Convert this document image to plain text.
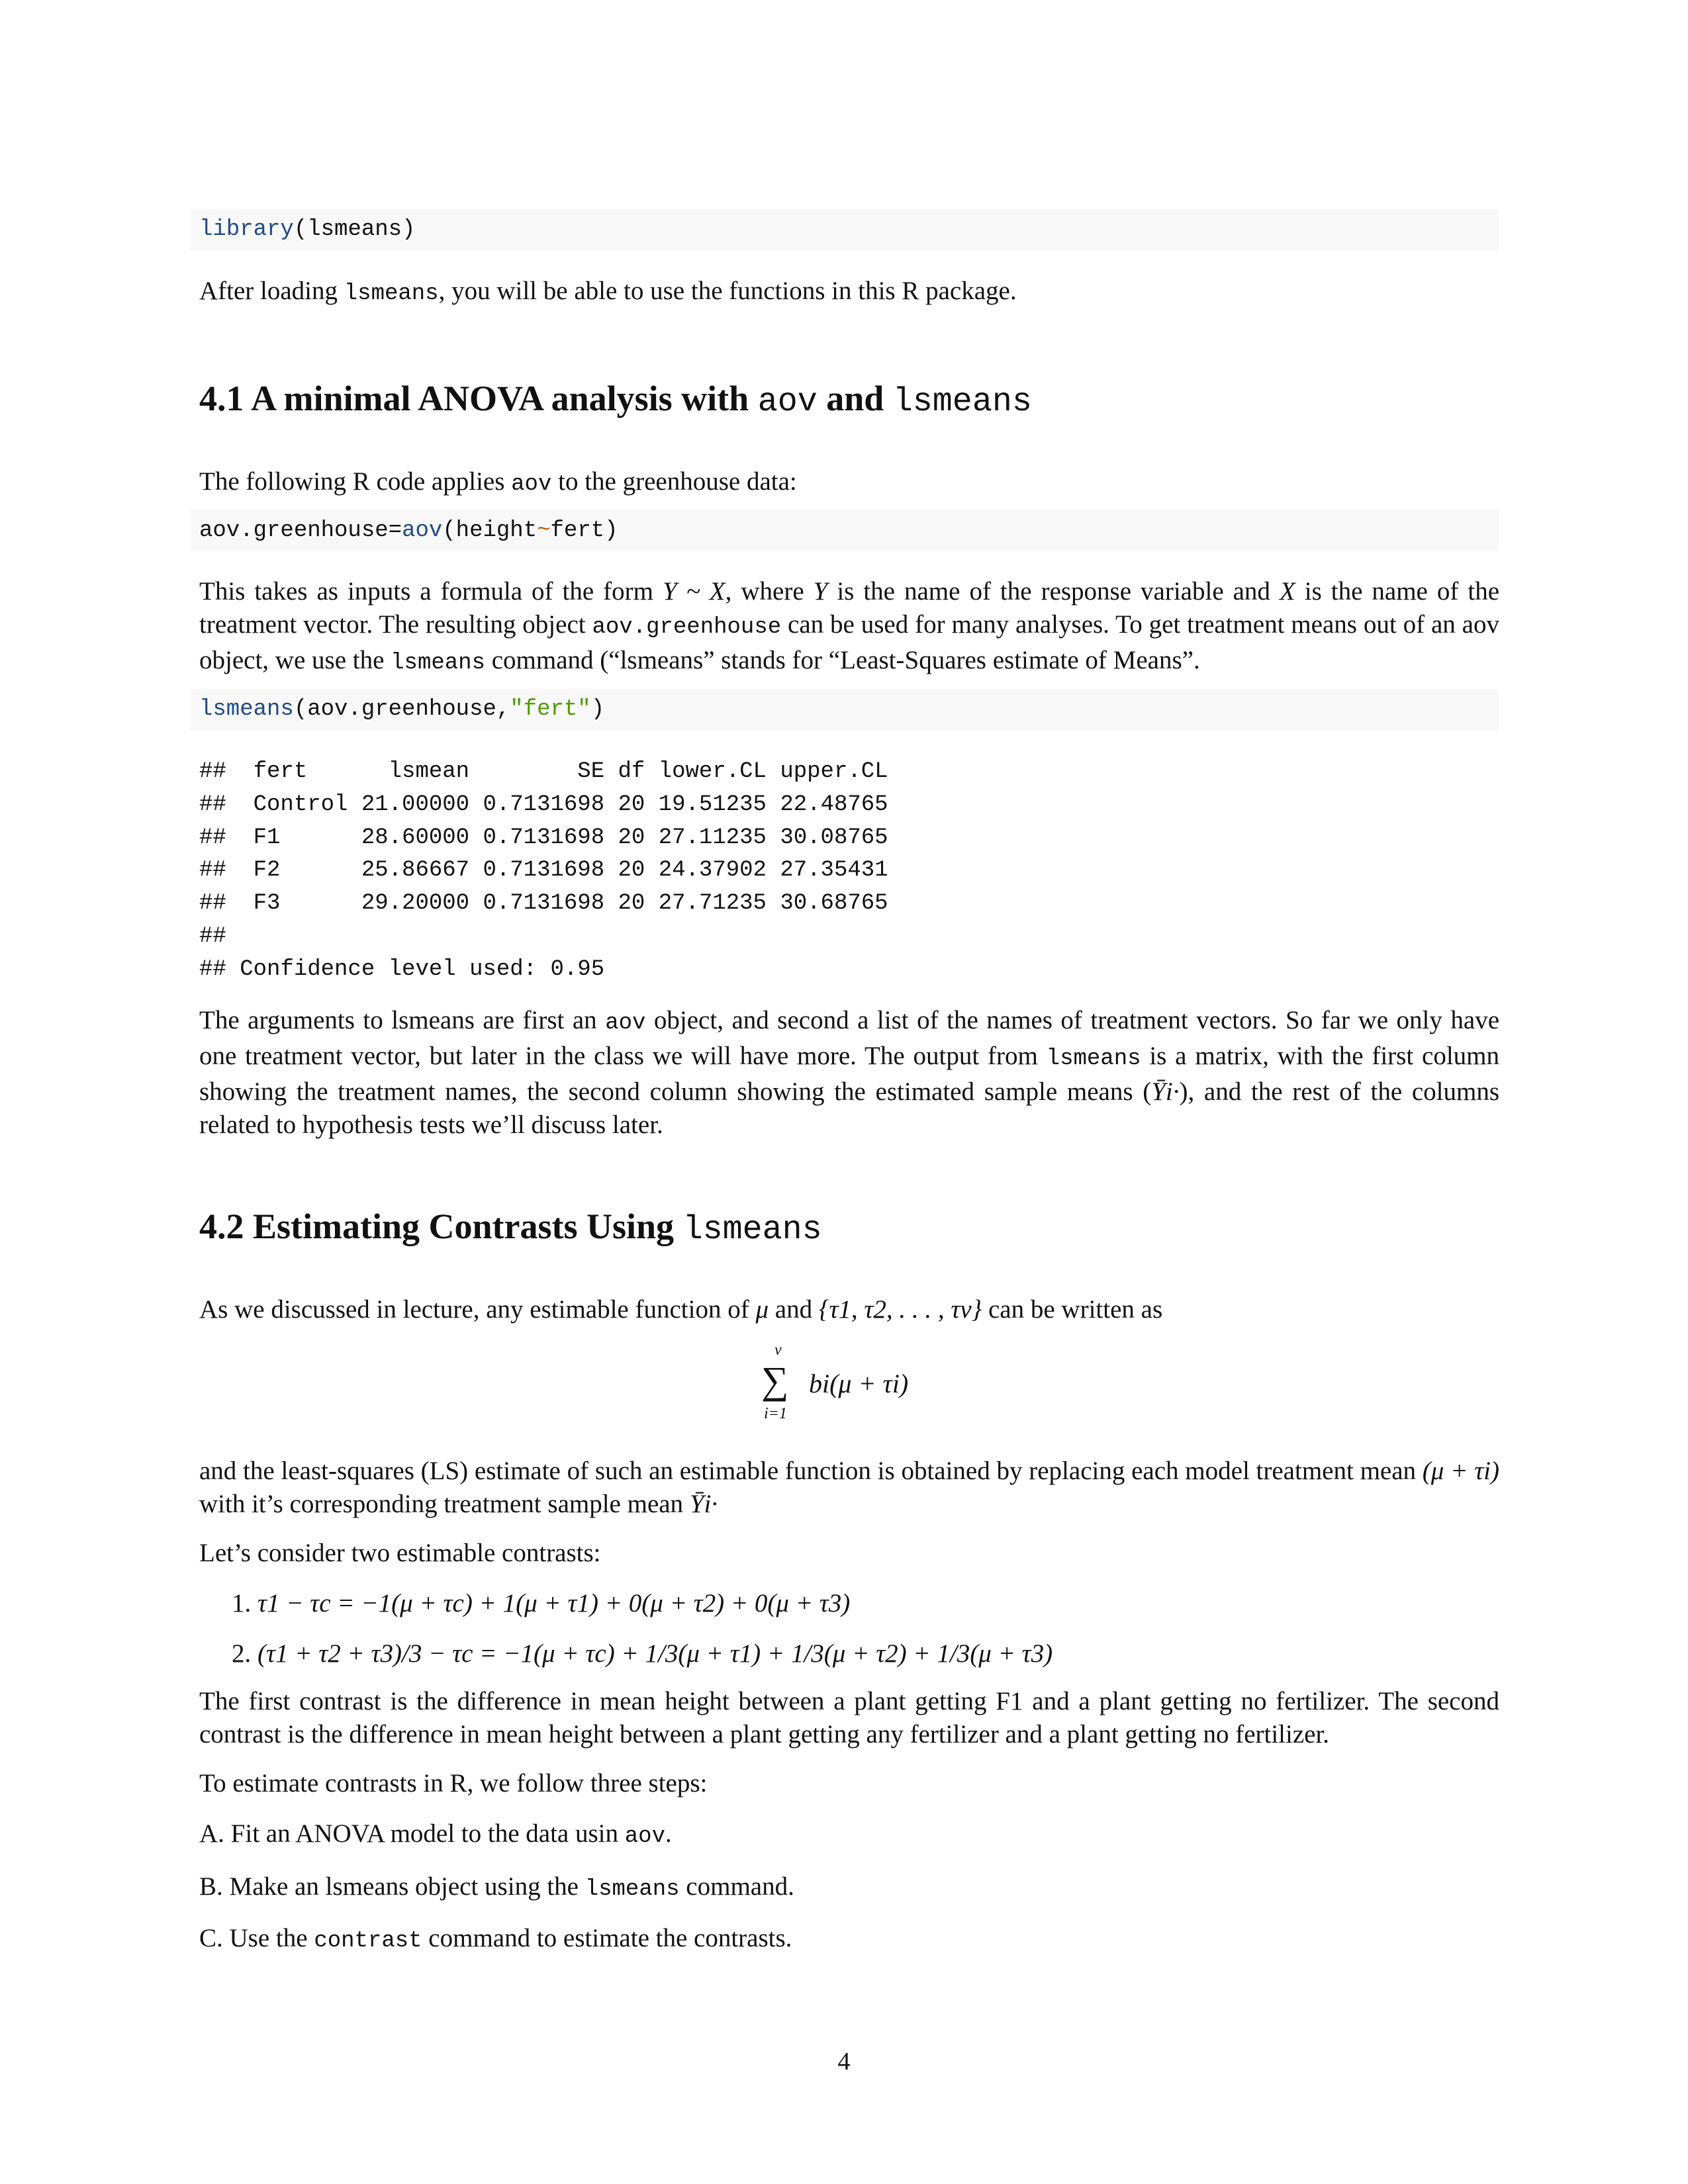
library(lsmeans)
After loading lsmeans, you will be able to use the functions in this R package.
4.1 A minimal ANOVA analysis with aov and lsmeans
The following R code applies aov to the greenhouse data:
aov.greenhouse=aov(height~fert)
This takes as inputs a formula of the form Y ~ X, where Y is the name of the response variable and X is the name of the treatment vector. The resulting object aov.greenhouse can be used for many analyses. To get treatment means out of an aov object, we use the lsmeans command (“lsmeans” stands for “Least-Squares estimate of Means”.
lsmeans(aov.greenhouse,"fert")
##  fert      lsmean        SE df lower.CL upper.CL
##  Control 21.00000 0.7131698 20 19.51235 22.48765
##  F1      28.60000 0.7131698 20 27.11235 30.08765
##  F2      25.86667 0.7131698 20 24.37902 27.35431
##  F3      29.20000 0.7131698 20 27.71235 30.68765
##
## Confidence level used: 0.95
The arguments to lsmeans are first an aov object, and second a list of the names of treatment vectors. So far we only have one treatment vector, but later in the class we will have more. The output from lsmeans is a matrix, with the first column showing the treatment names, the second column showing the estimated sample means (Ȳi·), and the rest of the columns related to hypothesis tests we’ll discuss later.
4.2 Estimating Contrasts Using lsmeans
As we discussed in lecture, any estimable function of μ and {τ1, τ2, . . . , τv} can be written as
v
∑
i=1
bi(μ + τi)
and the least-squares (LS) estimate of such an estimable function is obtained by replacing each model treatment mean (μ + τi) with it’s corresponding treatment sample mean Ȳi·
Let’s consider two estimable contrasts:
1. τ1 − τc = −1(μ + τc) + 1(μ + τ1) + 0(μ + τ2) + 0(μ + τ3)
2. (τ1 + τ2 + τ3)/3 − τc = −1(μ + τc) + 1/3(μ + τ1) + 1/3(μ + τ2) + 1/3(μ + τ3)
The first contrast is the difference in mean height between a plant getting F1 and a plant getting no fertilizer. The second contrast is the difference in mean height between a plant getting any fertilizer and a plant getting no fertilizer.
To estimate contrasts in R, we follow three steps:
A. Fit an ANOVA model to the data usin aov.
B. Make an lsmeans object using the lsmeans command.
C. Use the contrast command to estimate the contrasts.
4
